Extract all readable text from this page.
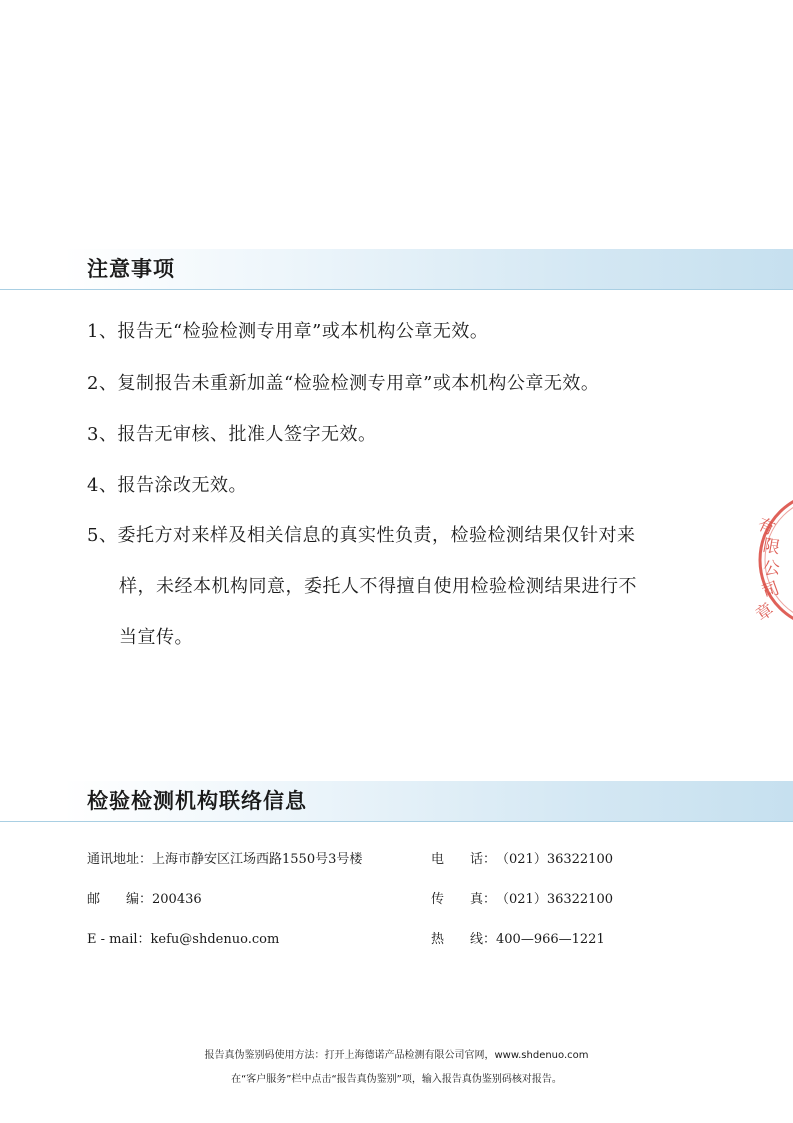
注意事项
1、报告无“检验检测专用章”或本机构公章无效。
2、复制报告未重新加盖“检验检测专用章”或本机构公章无效。
3、报告无审核、批准人签字无效。
4、报告涂改无效。
5、委托方对来样及相关信息的真实性负责，检验检测结果仅针对来
样，未经本机构同意，委托人不得擅自使用检验检测结果进行不
当宣传。
有
限
公
司
章
检验检测机构联络信息
通讯地址：上海市静安区江场西路1550号3号楼
邮　　编：200436
E - mail：kefu@shdenuo.com
电　　话：（021）36322100
传　　真：（021）36322100
热　　线：400—966—1221
报告真伪鉴别码使用方法：打开上海德诺产品检测有限公司官网，www.shdenuo.com
在“客户服务”栏中点击“报告真伪鉴别”项，输入报告真伪鉴别码核对报告。
